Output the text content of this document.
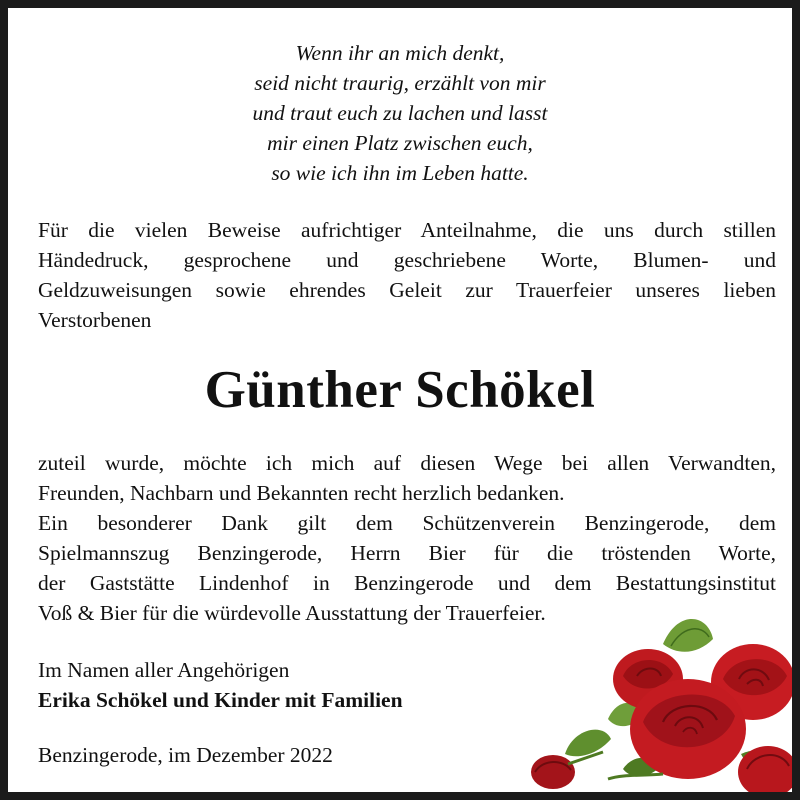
Wenn ihr an mich denkt,
seid nicht traurig, erzählt von mir
und traut euch zu lachen und lasst
mir einen Platz zwischen euch,
so wie ich ihn im Leben hatte.
Für die vielen Beweise aufrichtiger Anteilnahme, die uns durch stillen
Händedruck, gesprochene und geschriebene Worte, Blumen- und
Geldzuweisungen sowie ehrendes Geleit zur Trauerfeier unseres lieben
Verstorbenen
Günther Schökel
zuteil wurde, möchte ich mich auf diesen Wege bei allen Verwandten,
Freunden, Nachbarn und Bekannten recht herzlich bedanken.
Ein besonderer Dank gilt dem Schützenverein Benzingerode, dem
Spielmannszug Benzingerode, Herrn Bier für die tröstenden Worte,
der Gaststätte Lindenhof in Benzingerode und dem Bestattungsinstitut
Voß & Bier für die würdevolle Ausstattung der Trauerfeier.
Im Namen aller Angehörigen
Erika Schökel und Kinder mit Familien
Benzingerode, im Dezember 2022
